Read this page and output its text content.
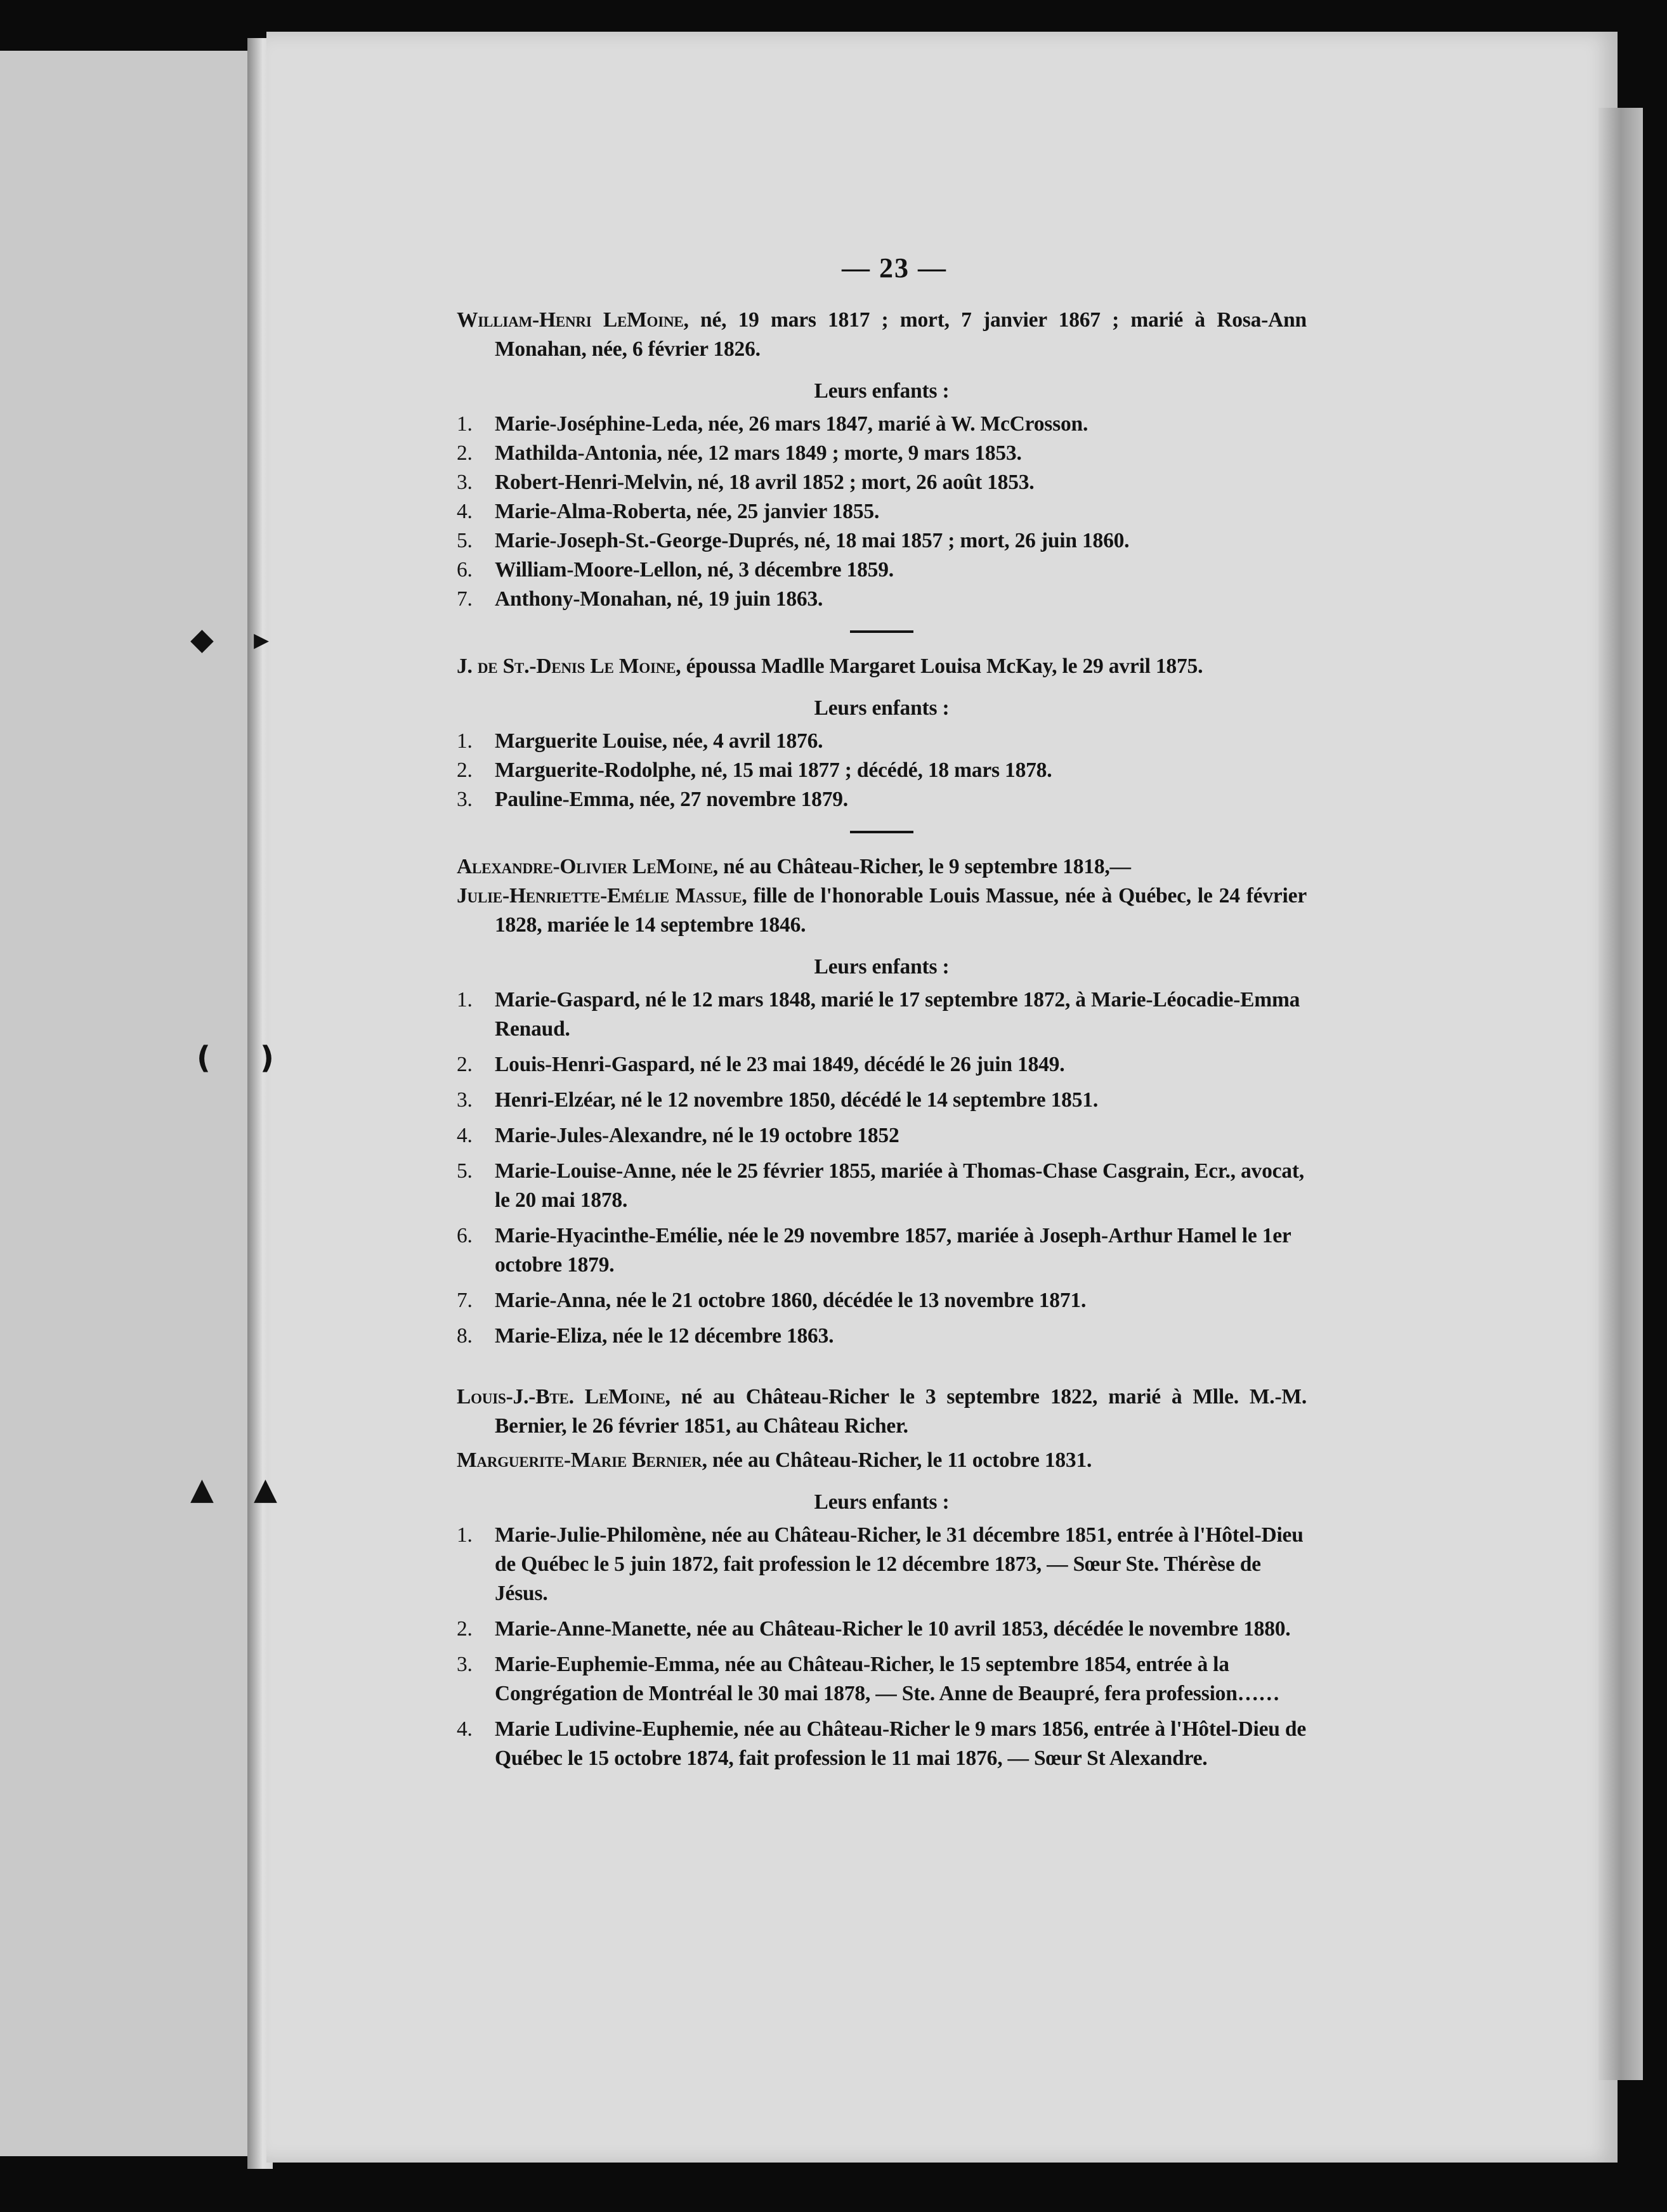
◆ ▸
( )
▲ ▲
— 23 —
William-Henri LeMoine, né, 19 mars 1817 ; mort, 7 janvier 1867 ; marié à Rosa-Ann Monahan, née, 6 février 1826.
Leurs enfants :
1. Marie-Joséphine-Leda, née, 26 mars 1847, marié à W. McCrosson.
2. Mathilda-Antonia, née, 12 mars 1849 ; morte, 9 mars 1853.
3. Robert-Henri-Melvin, né, 18 avril 1852 ; mort, 26 août 1853.
4. Marie-Alma-Roberta, née, 25 janvier 1855.
5. Marie-Joseph-St.-George-Duprés, né, 18 mai 1857 ; mort, 26 juin 1860.
6. William-Moore-Lellon, né, 3 décembre 1859.
7. Anthony-Monahan, né, 19 juin 1863.
J. de St.-Denis Le Moine, époussa Madlle Margaret Louisa McKay, le 29 avril 1875.
Leurs enfants :
1. Marguerite Louise, née, 4 avril 1876.
2. Marguerite-Rodolphe, né, 15 mai 1877 ; décédé, 18 mars 1878.
3. Pauline-Emma, née, 27 novembre 1879.
Alexandre-Olivier LeMoine, né au Château-Richer, le 9 septembre 1818,—
Julie-Henriette-Emélie Massue, fille de l'honorable Louis Massue, née à Québec, le 24 février 1828, mariée le 14 septembre 1846.
Leurs enfants :
1. Marie-Gaspard, né le 12 mars 1848, marié le 17 septembre 1872, à Marie-Léocadie-Emma Renaud.
2. Louis-Henri-Gaspard, né le 23 mai 1849, décédé le 26 juin 1849.
3. Henri-Elzéar, né le 12 novembre 1850, décédé le 14 septembre 1851.
4. Marie-Jules-Alexandre, né le 19 octobre 1852
5. Marie-Louise-Anne, née le 25 février 1855, mariée à Thomas-Chase Casgrain, Ecr., avocat, le 20 mai 1878.
6. Marie-Hyacinthe-Emélie, née le 29 novembre 1857, mariée à Joseph-Arthur Hamel le 1er octobre 1879.
7. Marie-Anna, née le 21 octobre 1860, décédée le 13 novembre 1871.
8. Marie-Eliza, née le 12 décembre 1863.
Louis-J.-Bte. LeMoine, né au Château-Richer le 3 septembre 1822, marié à Mlle. M.-M. Bernier, le 26 février 1851, au Château Richer.
Marguerite-Marie Bernier, née au Château-Richer, le 11 octobre 1831.
Leurs enfants :
1. Marie-Julie-Philomène, née au Château-Richer, le 31 décembre 1851, entrée à l'Hôtel-Dieu de Québec le 5 juin 1872, fait profession le 12 décembre 1873, — Sœur Ste. Thérèse de Jésus.
2. Marie-Anne-Manette, née au Château-Richer le 10 avril 1853, décédée le novembre 1880.
3. Marie-Euphemie-Emma, née au Château-Richer, le 15 septembre 1854, entrée à la Congrégation de Montréal le 30 mai 1878, — Ste. Anne de Beaupré, fera profession……
4. Marie Ludivine-Euphemie, née au Château-Richer le 9 mars 1856, entrée à l'Hôtel-Dieu de Québec le 15 octobre 1874, fait profession le 11 mai 1876, — Sœur St Alexandre.
